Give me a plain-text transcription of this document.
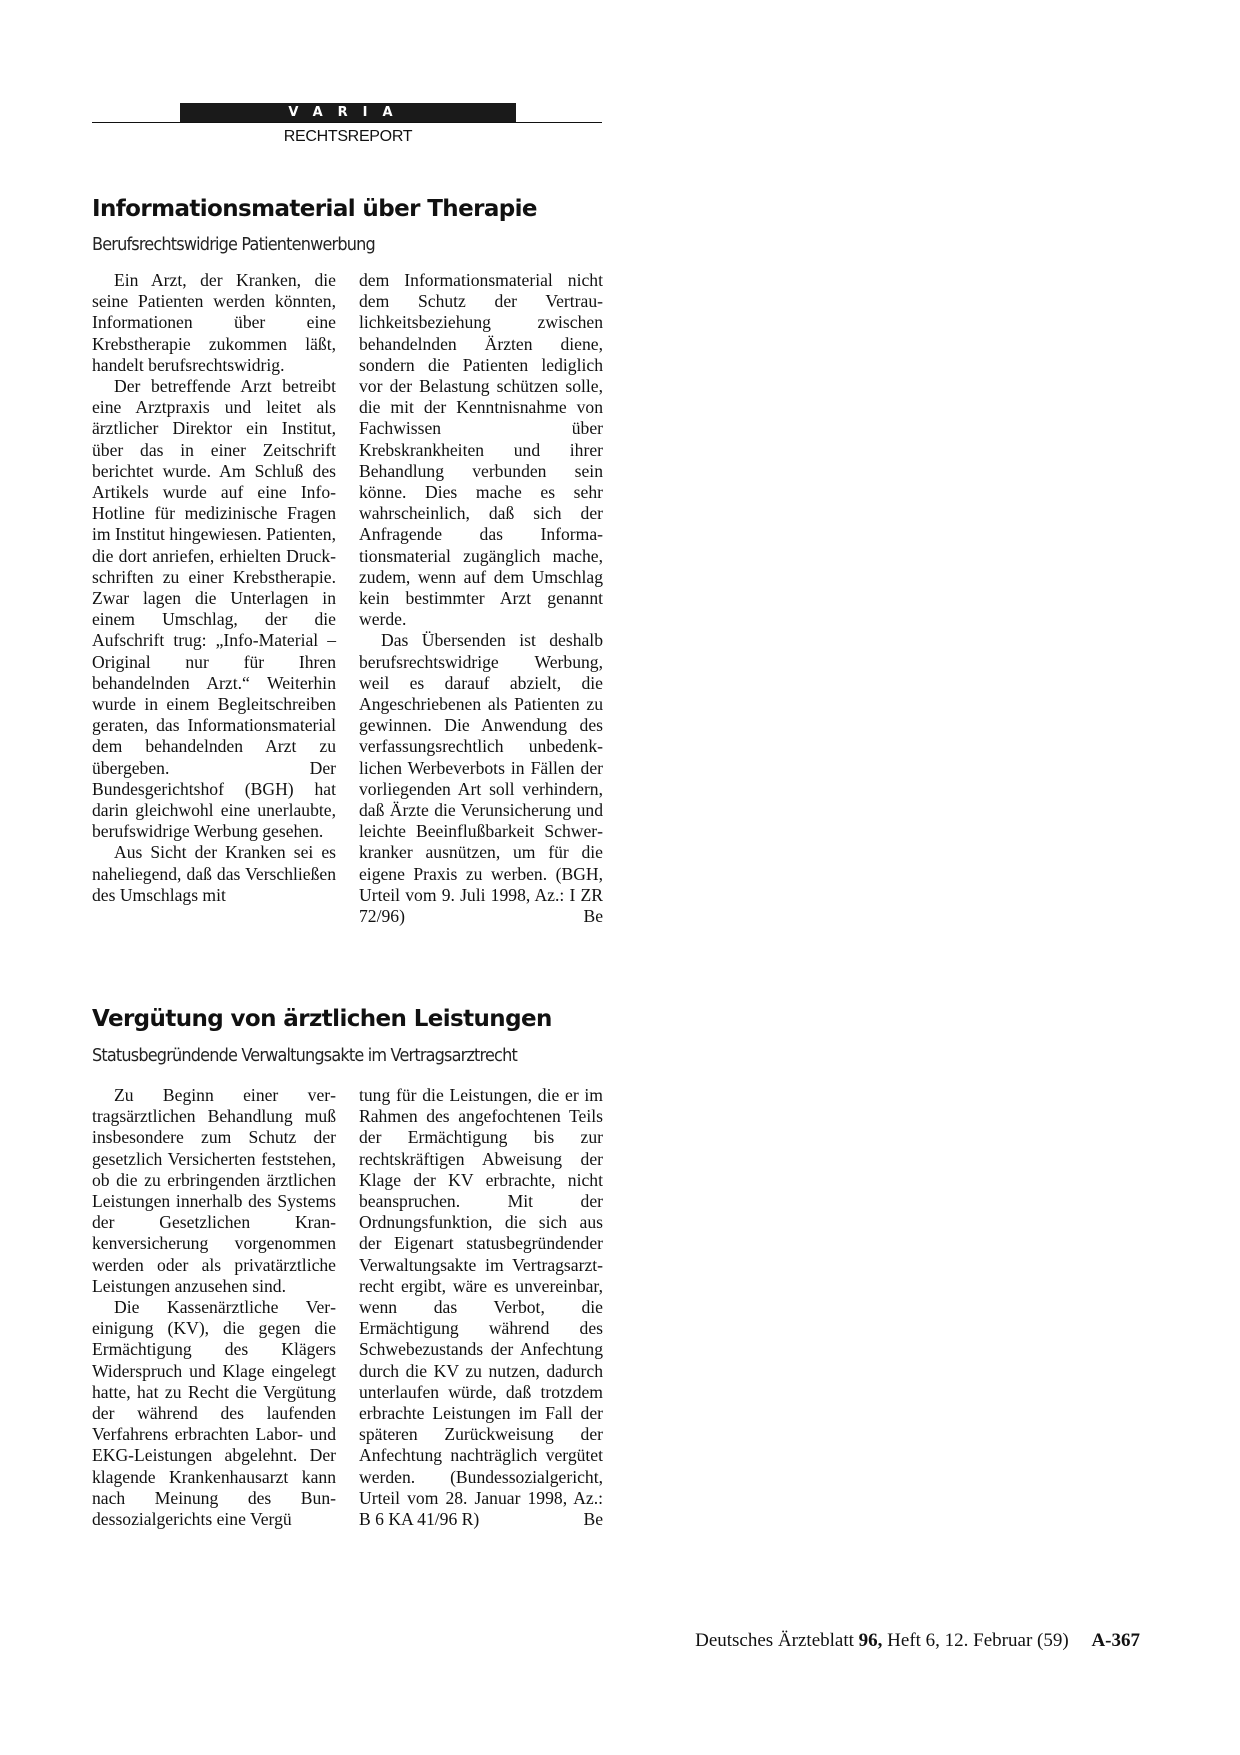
VARIA
RECHTSREPORT
Informationsmaterial über Therapie
Berufsrechtswidrige Patientenwerbung

Ein Arzt, der Kranken, die seine Patienten werden könnten, Informationen über eine Krebstherapie zukommen läßt, handelt berufsrechtswidrig.

Der betreffende Arzt betreibt eine Arztpraxis und leitet als ärztlicher Direktor ein Institut, über das in einer Zeitschrift berichtet wurde. Am Schluß des Artikels wurde auf eine Info-Hotline für medizinische Fragen im Institut hingewiesen. Patienten, die dort anriefen, erhielten Druckschriften zu einer Krebstherapie. Zwar lagen die Unterlagen in einem Umschlag, der die Aufschrift trug: „Info-Material – Original nur für Ihren behandelnden Arzt.“ Weiterhin wurde in einem Begleitschreiben geraten, das Informationsmaterial dem behandelnden Arzt zu übergeben. Der Bundesgerichtshof (BGH) hat darin gleichwohl eine unerlaubte, berufswidrige Werbung gesehen.

Aus Sicht der Kranken sei es naheliegend, daß das Verschließen des Umschlags mit

dem Informationsmaterial nicht dem Schutz der Vertraulichkeitsbeziehung zwischen behandelnden Ärzten diene, sondern die Patienten lediglich vor der Belastung schützen solle, die mit der Kenntnisnahme von Fachwissen über Krebskrankheiten und ihrer Behandlung verbunden sein könne. Dies mache es sehr wahrscheinlich, daß sich der Anfragende das Informationsmaterial zugänglich mache, zudem, wenn auf dem Umschlag kein bestimmter Arzt genannt werde.

Das Übersenden ist deshalb berufsrechtswidrige Werbung, weil es darauf abzielt, die Angeschriebenen als Patienten zu gewinnen. Die Anwendung des verfassungsrechtlich unbedenklichen Werbeverbots in Fällen der vorliegenden Art soll verhindern, daß Ärzte die Verunsicherung und leichte Beeinflußbarkeit Schwerkranker ausnützen, um für die eigene Praxis zu werben. (BGH, Urteil vom 9. Juli 1998, Az.: I ZR 72/96)	Be

Vergütung von ärztlichen Leistungen
Statusbegründende Verwaltungsakte im Vertragsarztrecht

Zu Beginn einer vertragsärztlichen Behandlung muß insbesondere zum Schutz der gesetzlich Versicherten feststehen, ob die zu erbringenden ärztlichen Leistungen innerhalb des Systems der Gesetzlichen Krankenversicherung vorgenommen werden oder als privatärztliche Leistungen anzusehen sind.

Die Kassenärztliche Vereinigung (KV), die gegen die Ermächtigung des Klägers Widerspruch und Klage eingelegt hatte, hat zu Recht die Vergütung der während des laufenden Verfahrens erbrachten Labor- und EKG-Leistungen abgelehnt. Der klagende Krankenhausarzt kann nach Meinung des Bundessozialgerichts eine Vergü

tung für die Leistungen, die er im Rahmen des angefochtenen Teils der Ermächtigung bis zur rechtskräftigen Abweisung der Klage der KV erbrachte, nicht beanspruchen. Mit der Ordnungsfunktion, die sich aus der Eigenart statusbegründender Verwaltungsakte im Vertragsarztrecht ergibt, wäre es unvereinbar, wenn das Verbot, die Ermächtigung während des Schwebezustands der Anfechtung durch die KV zu nutzen, dadurch unterlaufen würde, daß trotzdem erbrachte Leistungen im Fall der späteren Zurückweisung der Anfechtung nachträglich vergütet werden. (Bundessozialgericht, Urteil vom 28. Januar 1998, Az.: B 6 KA 41/96 R)	Be

Deutsches Ärzteblatt 96, Heft 6, 12. Februar (59) A-367
